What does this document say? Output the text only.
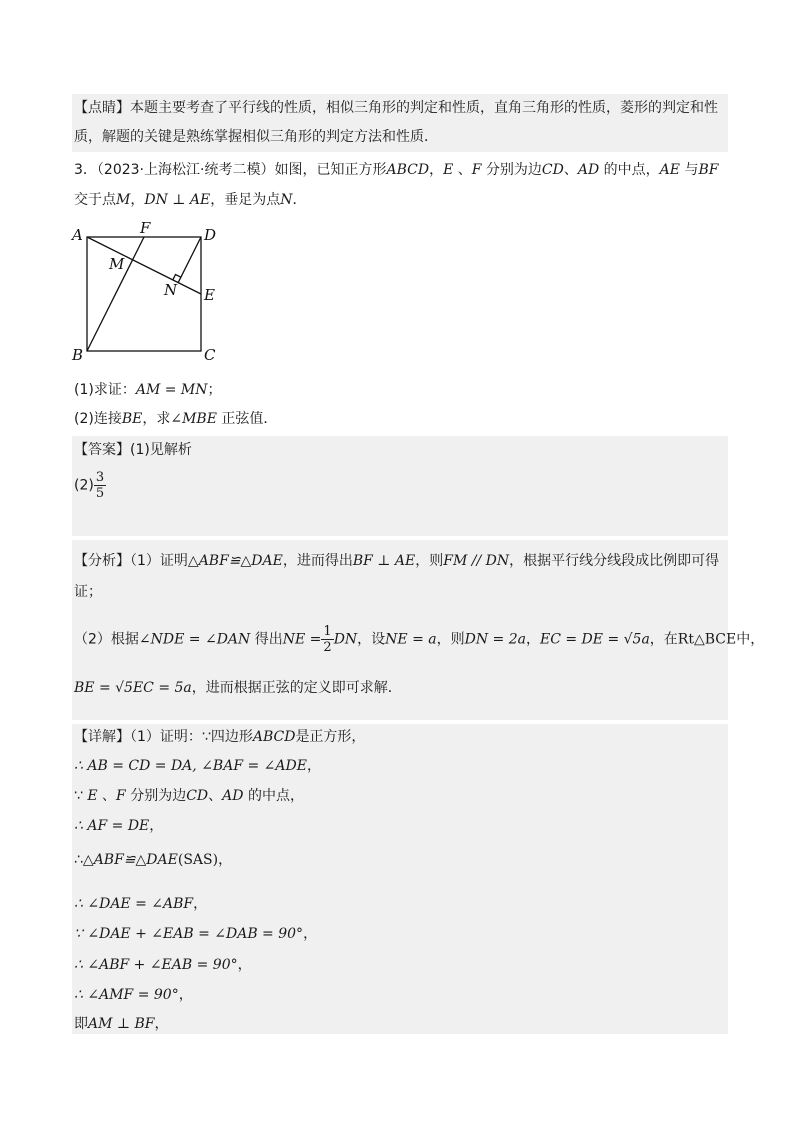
【点睛】本题主要考查了平行线的性质，相似三角形的判定和性质，直角三角形的性质，菱形的判定和性
质，解题的关键是熟练掌握相似三角形的判定方法和性质．
3．（2023·上海松江·统考二模）如图，已知正方形ABCD，E 、F 分别为边CD、AD 的中点，AE 与BF
交于点M，DN ⊥ AE，垂足为点N．
A	F	D
M
N E
B	C
(1)求证：AM = MN；
(2)连接BE，求∠MBE 正弦值．
【答案】(1)见解析
$(2) \frac{3}{5}$
【分析】（1）证明△ABF≌△DAE，进而得出BF ⊥ AE，则FM // DN，根据平行线分线段成比例即可得
证；
（2）根据∠NDE = ∠DAN 得出NE = $\frac{1}{2}$ DN，设NE = a，则DN = 2a，EC = DE = √5a，在Rt△BCE中，
BE = √5EC = 5a，进而根据正弦的定义即可求解．
【详解】（1）证明：∵四边形ABCD是正方形，
∴ AB = CD = DA, ∠BAF = ∠ADE，
∵ E 、F 分别为边CD、AD 的中点，
∴ AF = DE，
∴△ABF≌△DAE(SAS)，
∴ ∠DAE = ∠ABF，
∵ ∠DAE + ∠EAB = ∠DAB = 90°，
∴ ∠ABF + ∠EAB = 90°，
∴ ∠AMF = 90°，
即AM ⊥ BF，
